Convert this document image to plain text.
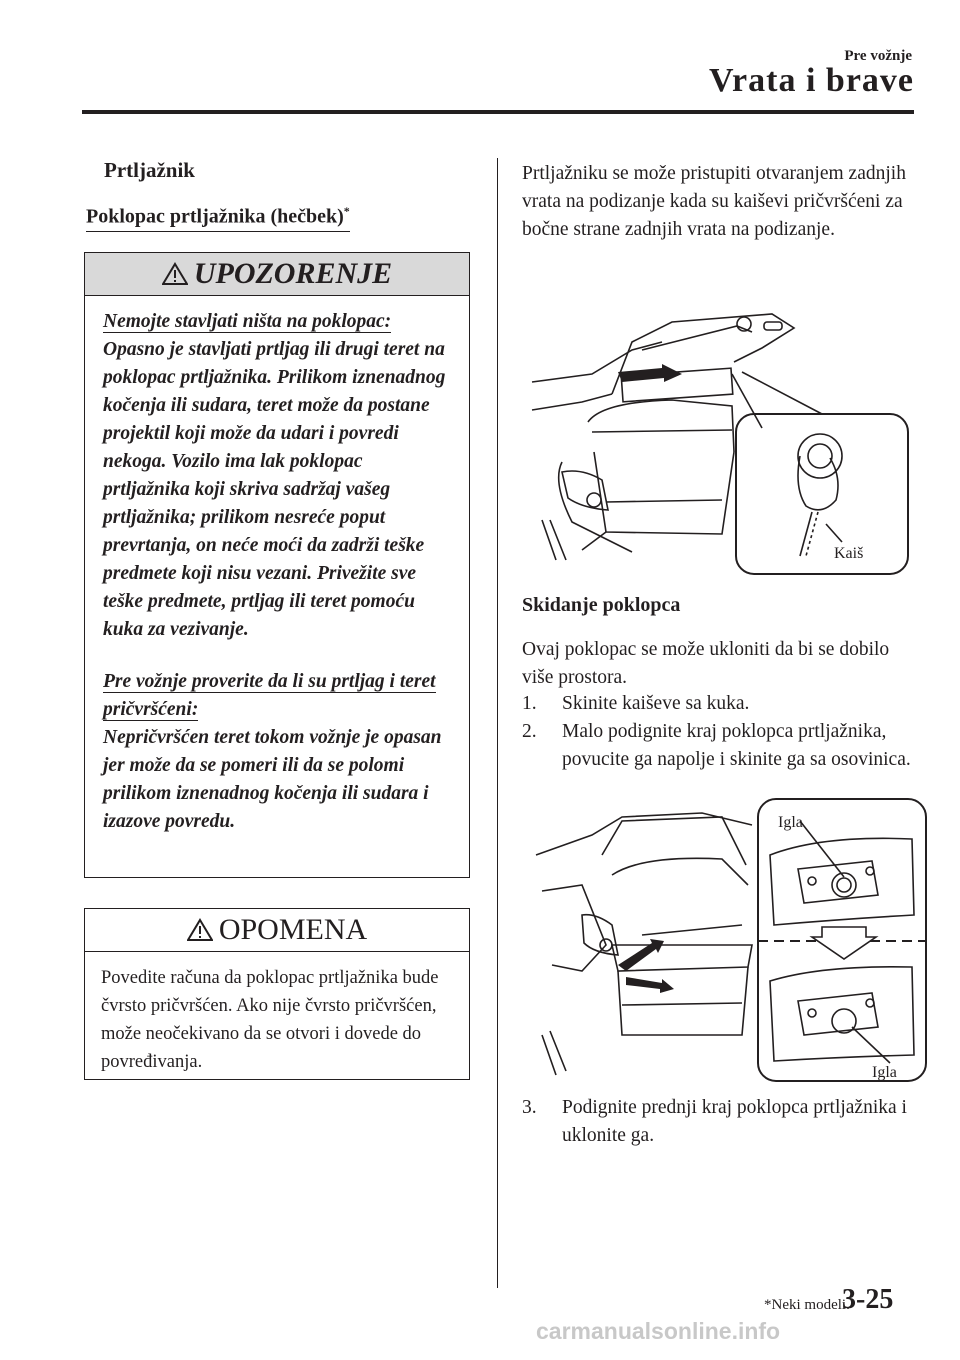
Pre vožnje
Vrata i brave
Prtljažnik
Poklopac prtljažnika (hečbek)*
UPOZORENJE

Nemojte stavljati ništa na poklopac:

Opasno je stavljati prtljag ili drugi teret na poklopac prtljažnika. Prilikom iznenadnog kočenja ili sudara, teret može da postane projektil koji može da udari i povredi nekoga. Vozilo ima lak poklopac prtljažnika koji skriva sadržaj vašeg prtljažnika; prilikom nesreće poput prevrtanja, on neće moći da zadrži teške predmete koji nisu vezani. Privežite sve teške predmete, prtljag ili teret pomoću kuka za vezivanje.

Pre vožnje proverite da li su prtljag i teret pričvršćeni:

Nepričvršćen teret tokom vožnje je opasan jer može da se pomeri ili da se polomi prilikom iznenadnog kočenja ili sudara i izazove povredu.

OPOMENA
Povedite računa da poklopac prtljažnika bude čvrsto pričvršćen. Ako nije čvrsto pričvršćen, može neočekivano da se otvori i dovede do povređivanja.
Prtljažniku se može pristupiti otvaranjem zadnjih vrata na podizanje kada su kaiševi pričvršćeni za bočne strane zadnjih vrata na podizanje.
Kaiš
Skidanje poklopca
Ovaj poklopac se može ukloniti da bi se dobilo više prostora.
1. Skinite kaiševe sa kuka.
2. Malo podignite kraj poklopca prtljažnika, povucite ga napolje i skinite ga sa osovinica.
Igla
Igla
3. Podignite prednji kraj poklopca prtljažnika i uklonite ga.
*Neki modeli.
3-25
carmanualsonline.info
